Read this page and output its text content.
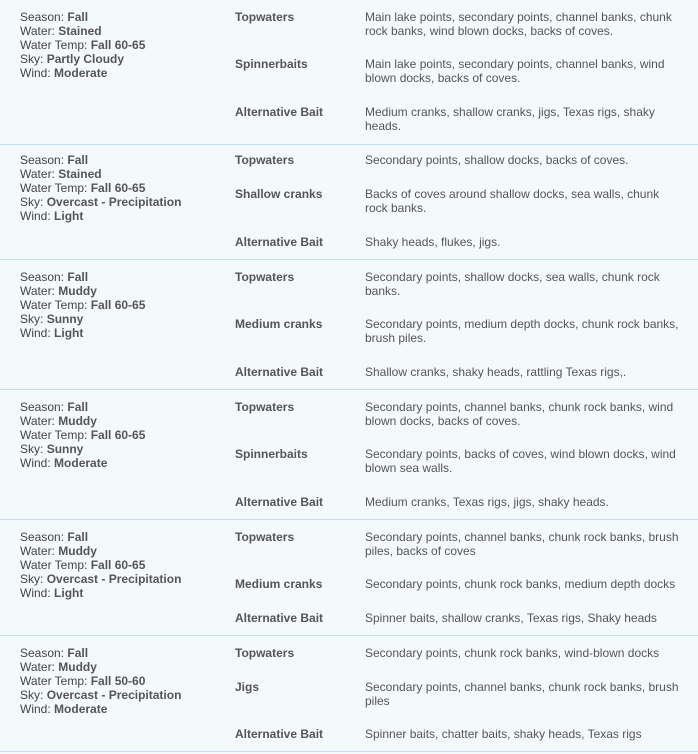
Season: Fall
Water: Stained
Water Temp: Fall 60-65
Sky: Partly Cloudy
Wind: Moderate
Topwaters	Main lake points, secondary points, channel banks, chunk rock banks, wind blown docks, backs of coves.
Spinnerbaits	Main lake points, secondary points, channel banks, wind blown docks, backs of coves.
Alternative Bait	Medium cranks, shallow cranks, jigs, Texas rigs, shaky heads.
Season: Fall
Water: Stained
Water Temp: Fall 60-65
Sky: Overcast - Precipitation
Wind: Light
Topwaters	Secondary points, shallow docks, backs of coves.
Shallow cranks	Backs of coves around shallow docks, sea walls, chunk rock banks.
Alternative Bait	Shaky heads, flukes, jigs.
Season: Fall
Water: Muddy
Water Temp: Fall 60-65
Sky: Sunny
Wind: Light
Topwaters	Secondary points, shallow docks, sea walls, chunk rock banks.
Medium cranks	Secondary points, medium depth docks, chunk rock banks, brush piles.
Alternative Bait	Shallow cranks, shaky heads, rattling Texas rigs,.
Season: Fall
Water: Muddy
Water Temp: Fall 60-65
Sky: Sunny
Wind: Moderate
Topwaters	Secondary points, channel banks, chunk rock banks, wind blown docks, backs of coves.
Spinnerbaits	Secondary points, backs of coves, wind blown docks, wind blown sea walls.
Alternative Bait	Medium cranks, Texas rigs, jigs, shaky heads.
Season: Fall
Water: Muddy
Water Temp: Fall 60-65
Sky: Overcast - Precipitation
Wind: Light
Topwaters	Secondary points, channel banks, chunk rock banks, brush piles, backs of coves
Medium cranks	Secondary points, chunk rock banks, medium depth docks
Alternative Bait	Spinner baits, shallow cranks, Texas rigs, Shaky heads
Season: Fall
Water: Muddy
Water Temp: Fall 50-60
Sky: Overcast - Precipitation
Wind: Moderate
Topwaters	Secondary points, chunk rock banks, wind-blown docks
Jigs	Secondary points, channel banks, chunk rock banks, brush piles
Alternative Bait	Spinner baits, chatter baits, shaky heads, Texas rigs
